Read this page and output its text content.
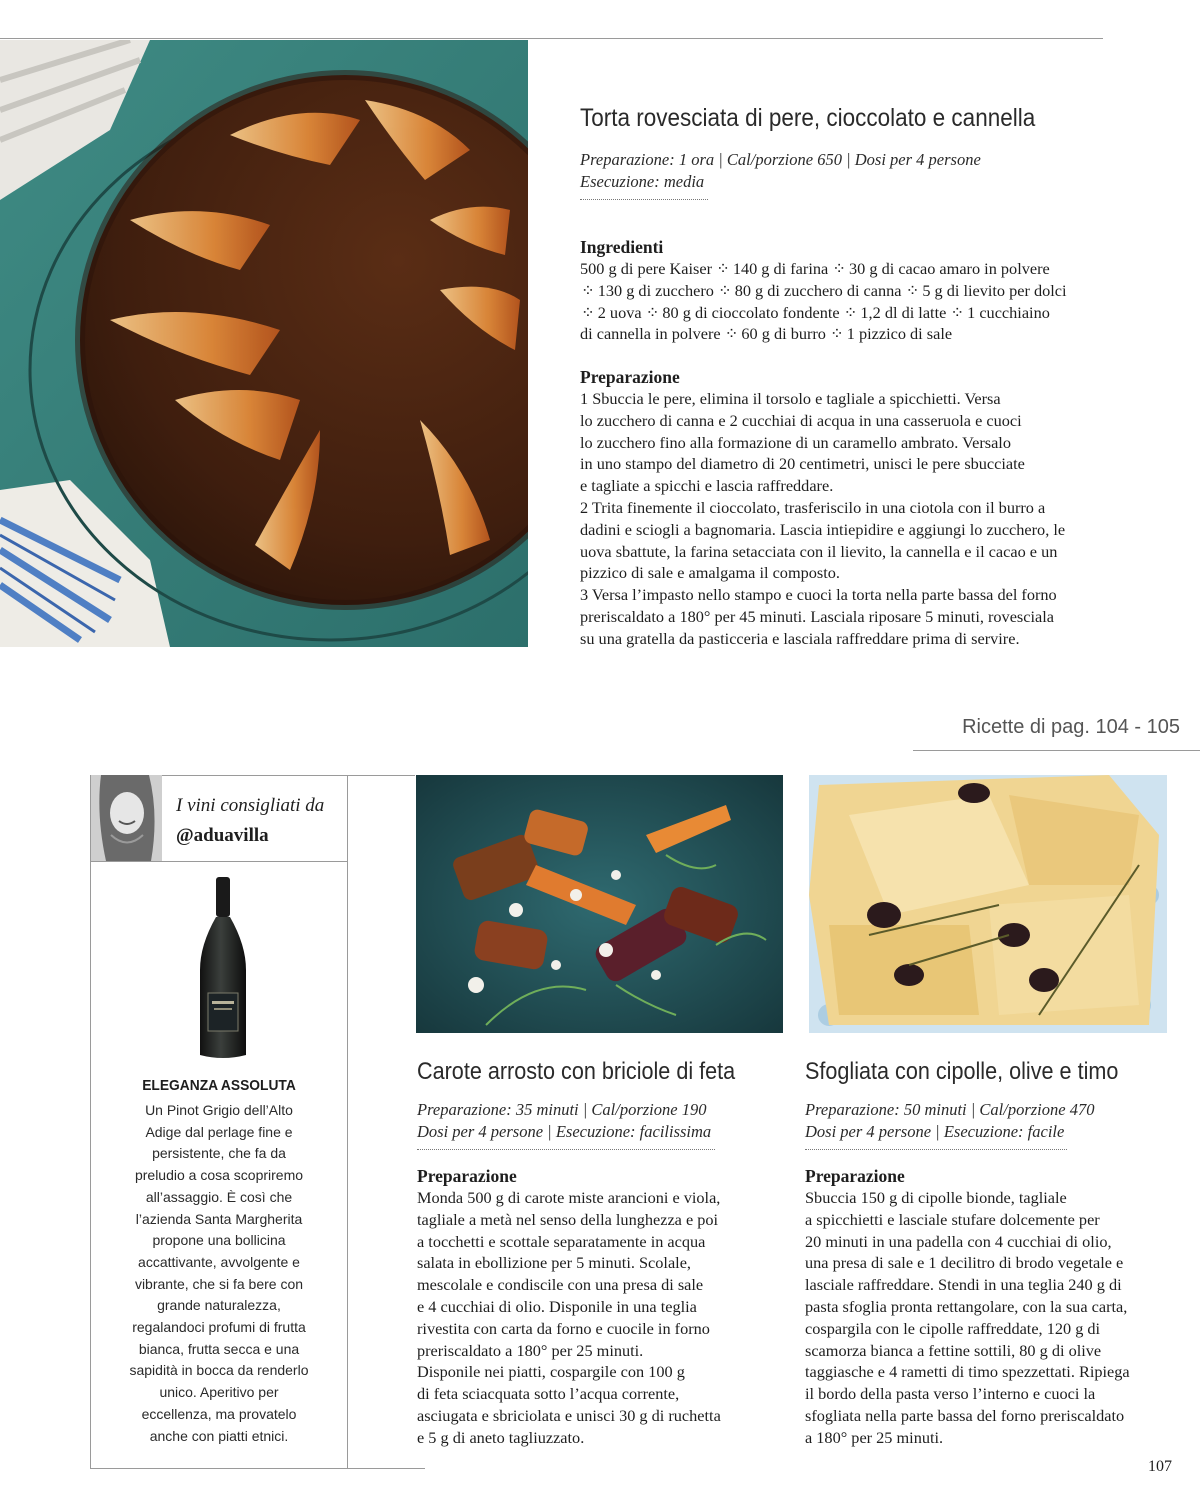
Torta rovesciata di pere, cioccolato e cannella

Preparazione: 1 ora | Cal/porzione 650 | Dosi per 4 persone

Esecuzione: media

Ingredienti

500 g di pere Kaiser ⁘ 140 g di farina ⁘ 30 g di cacao amaro in polvere

⁘ 130 g di zucchero ⁘ 80 g di zucchero di canna ⁘ 5 g di lievito per dolci

⁘ 2 uova ⁘ 80 g di cioccolato fondente ⁘ 1,2 dl di latte ⁘ 1 cucchiaino

di cannella in polvere ⁘ 60 g di burro ⁘ 1 pizzico di sale

Preparazione

1 Sbuccia le pere, elimina il torsolo e tagliale a spicchietti. Versa

lo zucchero di canna e 2 cucchiai di acqua in una casseruola e cuoci

lo zucchero fino alla formazione di un caramello ambrato. Versalo

in uno stampo del diametro di 20 centimetri, unisci le pere sbucciate

e tagliate a spicchi e lascia raffreddare.

2 Trita finemente il cioccolato, trasferiscilo in una ciotola con il burro a

dadini e sciogli a bagnomaria. Lascia intiepidire e aggiungi lo zucchero, le

uova sbattute, la farina setacciata con il lievito, la cannella e il cacao e un

pizzico di sale e amalgama il composto.

3 Versa l’impasto nello stampo e cuoci la torta nella parte bassa del forno

preriscaldato a 180° per 45 minuti. Lasciala riposare 5 minuti, rovesciala

su una gratella da pasticceria e lasciala raffreddare prima di servire.

Ricette di pag. 104 - 105
I vini consigliati da
@aduavilla
ELEGANZA ASSOLUTA

Un Pinot Grigio dell’Alto

Adige dal perlage fine e

persistente, che fa da

preludio a cosa scopriremo

all’assaggio. È così che

l’azienda Santa Margherita

propone una bollicina

accattivante, avvolgente e

vibrante, che si fa bere con

grande naturalezza,

regalandoci profumi di frutta

bianca, frutta secca e una

sapidità in bocca da renderlo

unico. Aperitivo per

eccellenza, ma provatelo

anche con piatti etnici.

Carote arrosto con briciole di feta

Preparazione: 35 minuti | Cal/porzione 190

Dosi per 4 persone | Esecuzione: facilissima

Preparazione

Monda 500 g di carote miste arancioni e viola,

tagliale a metà nel senso della lunghezza e poi

a tocchetti e scottale separatamente in acqua

salata in ebollizione per 5 minuti. Scolale,

mescolale e condiscile con una presa di sale

e 4 cucchiai di olio. Disponile in una teglia

rivestita con carta da forno e cuocile in forno

preriscaldato a 180° per 25 minuti.

Disponile nei piatti, cospargile con 100 g

di feta sciacquata sotto l’acqua corrente,

asciugata e sbriciolata e unisci 30 g di ruchetta

e 5 g di aneto tagliuzzato.

Sfogliata con cipolle, olive e timo

Preparazione: 50 minuti | Cal/porzione 470

Dosi per 4 persone | Esecuzione: facile

Preparazione

Sbuccia 150 g di cipolle bionde, tagliale

a spicchietti e lasciale stufare dolcemente per

20 minuti in una padella con 4 cucchiai di olio,

una presa di sale e 1 decilitro di brodo vegetale e

lasciale raffreddare. Stendi in una teglia 240 g di

pasta sfoglia pronta rettangolare, con la sua carta,

cospargila con le cipolle raffreddate, 120 g di

scamorza bianca a fettine sottili, 80 g di olive

taggiasche e 4 rametti di timo spezzettati. Ripiega

il bordo della pasta verso l’interno e cuoci la

sfogliata nella parte bassa del forno preriscaldato

a 180° per 25 minuti.

107
